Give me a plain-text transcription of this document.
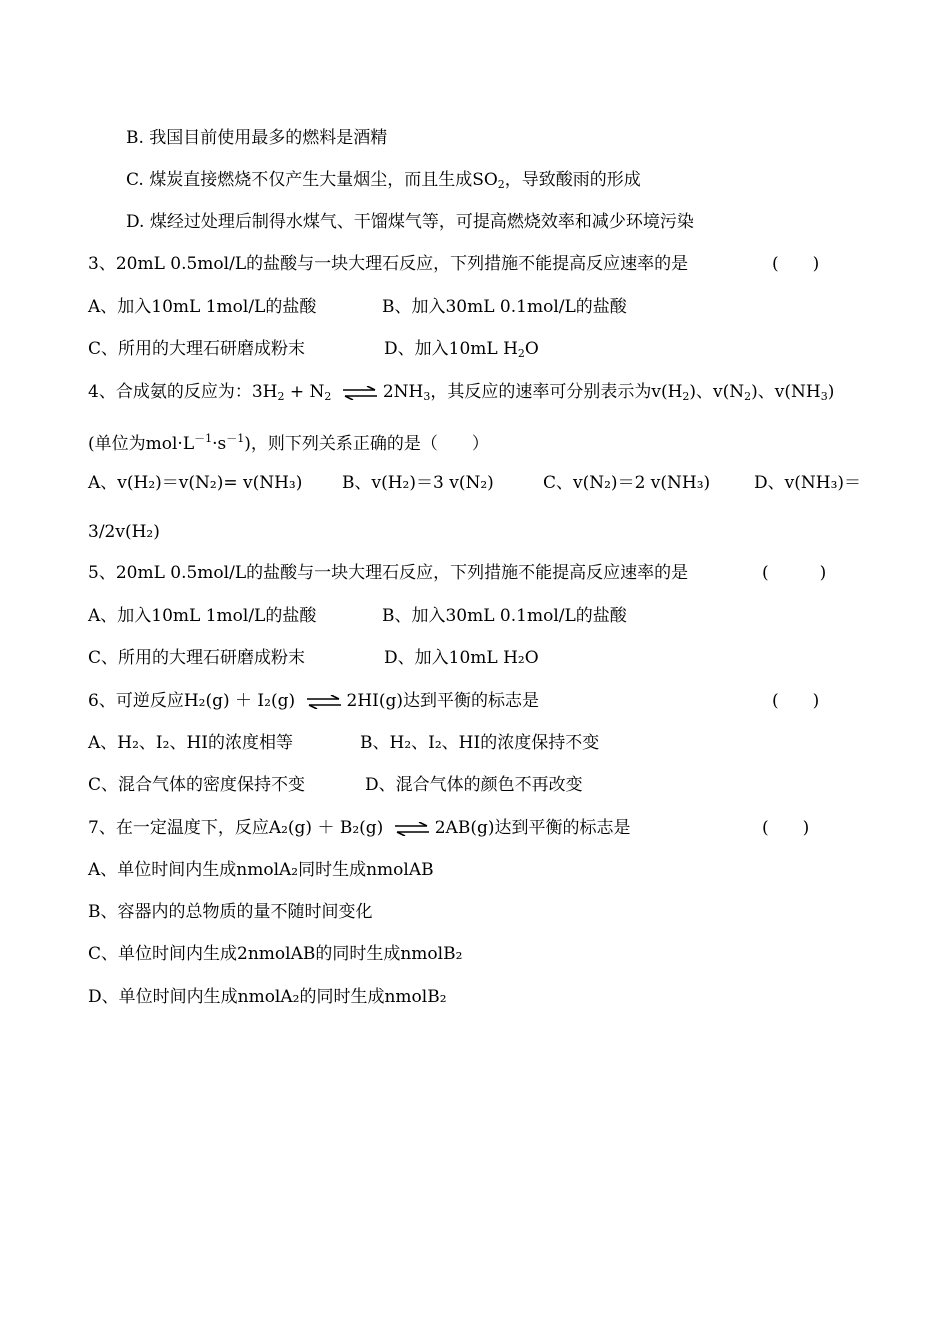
B. 我国目前使用最多的燃料是酒精
C. 煤炭直接燃烧不仅产生大量烟尘，而且生成$SO_2$，导致酸雨的形成
D. 煤经过处理后制得水煤气、干馏煤气等，可提高燃烧效率和减少环境污染
3、20mL 0.5mol/L的盐酸与一块大理石反应，下列措施不能提高反应速率的是	(　　)
A、加入10mL 1mol/L的盐酸	B、加入30mL 0.1mol/L的盐酸
C、所用的大理石研磨成粉末	D、加入10mL $H_2O$
4、合成氨的反应为：$3H_2 + N_2$ ⇌ $2NH_3$，其反应的速率可分别表示为$v(H_2)$、$v(N_2)$、$v(NH_3)$
(单位为$mol\cdot L^{-1}\cdot s^{-1}$)，则下列关系正确的是（　　）
A、v(H₂)＝v(N₂)= v(NH₃) B、v(H₂)＝3 v(N₂)	C、v(N₂)＝2 v(NH₃)	D、v(NH₃)＝
3/2v(H₂)
5、20mL 0.5mol/L的盐酸与一块大理石反应，下列措施不能提高反应速率的是	(　　　)
A、加入10mL 1mol/L的盐酸	B、加入30mL 0.1mol/L的盐酸
C、所用的大理石研磨成粉末	D、加入10mL H₂O
6、可逆反应H₂(g) ＋ I₂(g) ⇌ 2HI(g)达到平衡的标志是	(　　)
A、H₂、I₂、HI的浓度相等	B、H₂、I₂、HI的浓度保持不变
C、混合气体的密度保持不变	D、混合气体的颜色不再改变
7、在一定温度下，反应A₂(g) ＋ B₂(g) ⇌ 2AB(g)达到平衡的标志是	(　　)
A、单位时间内生成nmolA₂同时生成nmolAB
B、容器内的总物质的量不随时间变化
C、单位时间内生成2nmolAB的同时生成nmolB₂
D、单位时间内生成nmolA₂的同时生成nmolB₂
